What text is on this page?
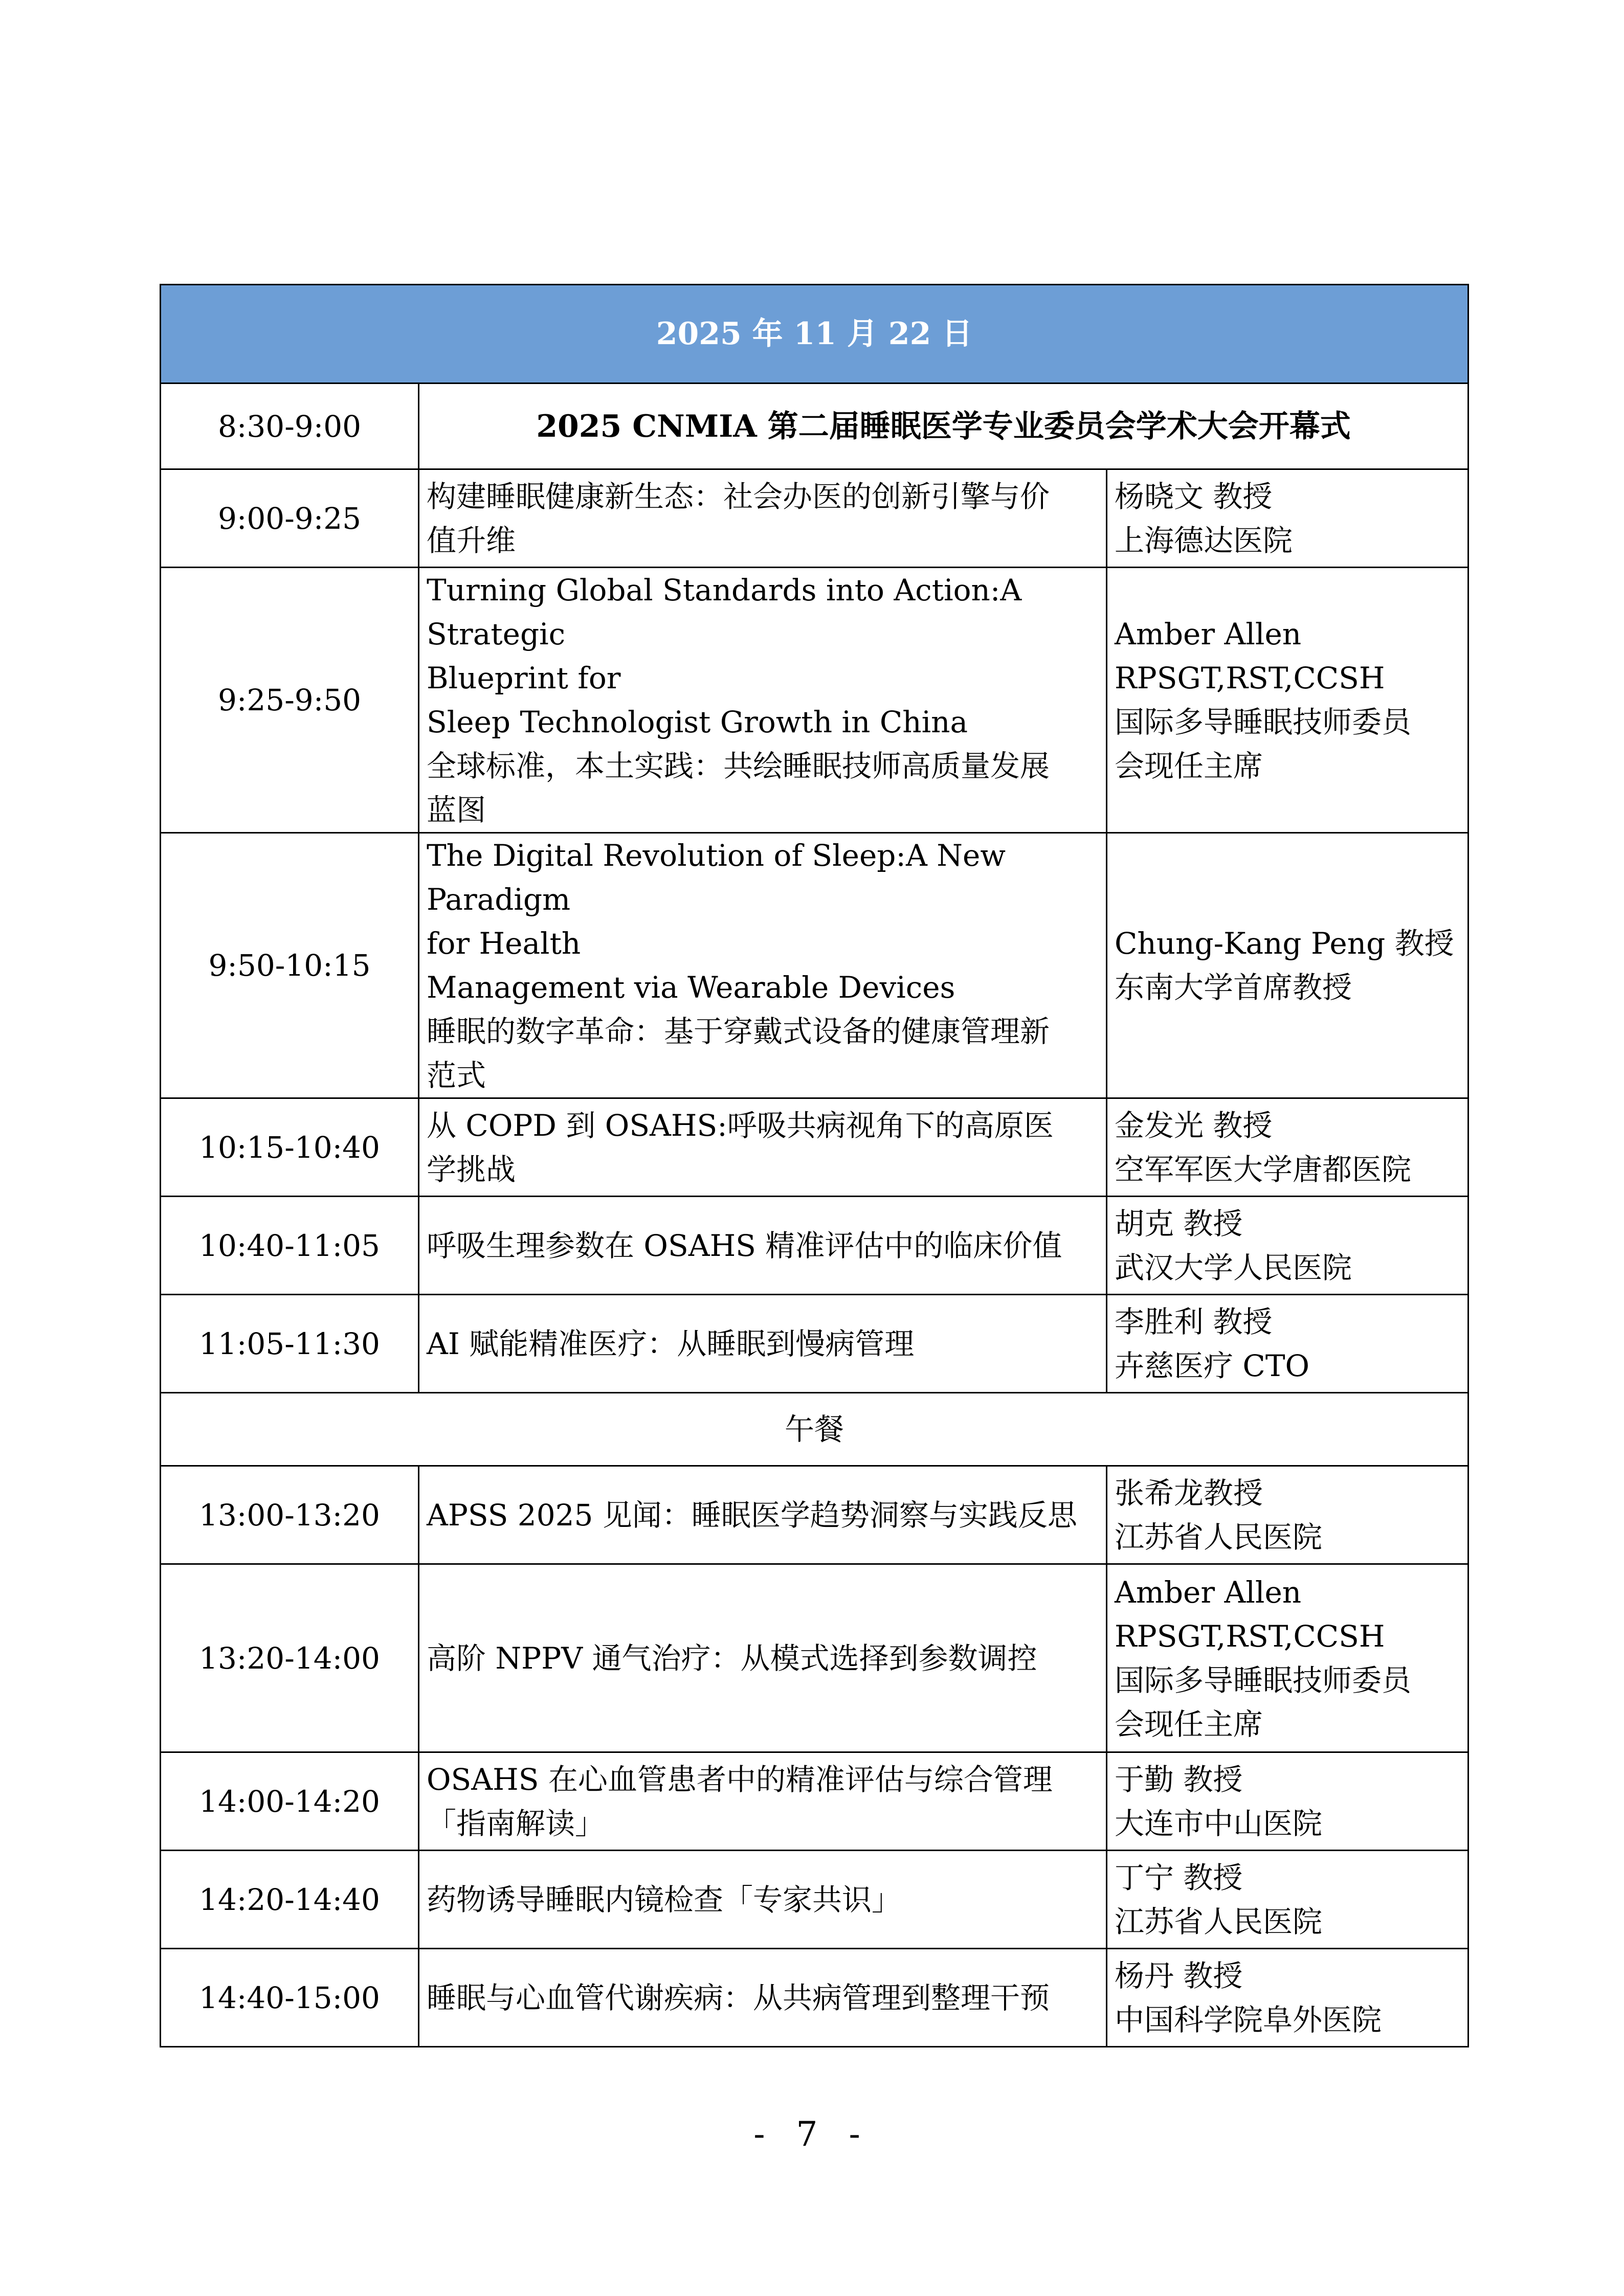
2025 年 11 月 22 日		
8:30-9:00	2025 CNMIA 第二届睡眠医学专业委员会学术大会开幕式	
9:00-9:25	构建睡眠健康新生态：社会办医的创新引擎与价
值升维	杨晓文 教授
上海德达医院

9:25-9:50	Turning Global Standards into Action:A Strategic
Blueprint for
Sleep Technologist Growth in China
全球标准，本土实践：共绘睡眠技师高质量发展
蓝图	Amber Allen
RPSGT,RST,CCSH
国际多导睡眠技师委员
会现任主席

9:50-10:15	The Digital Revolution of Sleep:A New Paradigm
for Health
Management via Wearable Devices
睡眠的数字革命：基于穿戴式设备的健康管理新
范式	Chung-Kang Peng 教授
东南大学首席教授

10:15-10:40	从 COPD 到 OSAHS:呼吸共病视角下的高原医
学挑战	金发光 教授
空军军医大学唐都医院

10:40-11:05	呼吸生理参数在 OSAHS 精准评估中的临床价值	胡克 教授
武汉大学人民医院

11:05-11:30	AI 赋能精准医疗：从睡眠到慢病管理	李胜利 教授
卉慈医疗 CTO

午餐		
13:00-13:20	APSS 2025 见闻：睡眠医学趋势洞察与实践反思	张希龙教授
江苏省人民医院

13:20-14:00	高阶 NPPV 通气治疗：从模式选择到参数调控	Amber Allen
RPSGT,RST,CCSH
国际多导睡眠技师委员
会现任主席

14:00-14:20	OSAHS 在心血管患者中的精准评估与综合管理
「指南解读」	于勤 教授
大连市中山医院

14:20-14:40	药物诱导睡眠内镜检查「专家共识」	丁宁 教授
江苏省人民医院

14:40-15:00	睡眠与心血管代谢疾病：从共病管理到整理干预	杨丹 教授
中国科学院阜外医院
- 7 -
